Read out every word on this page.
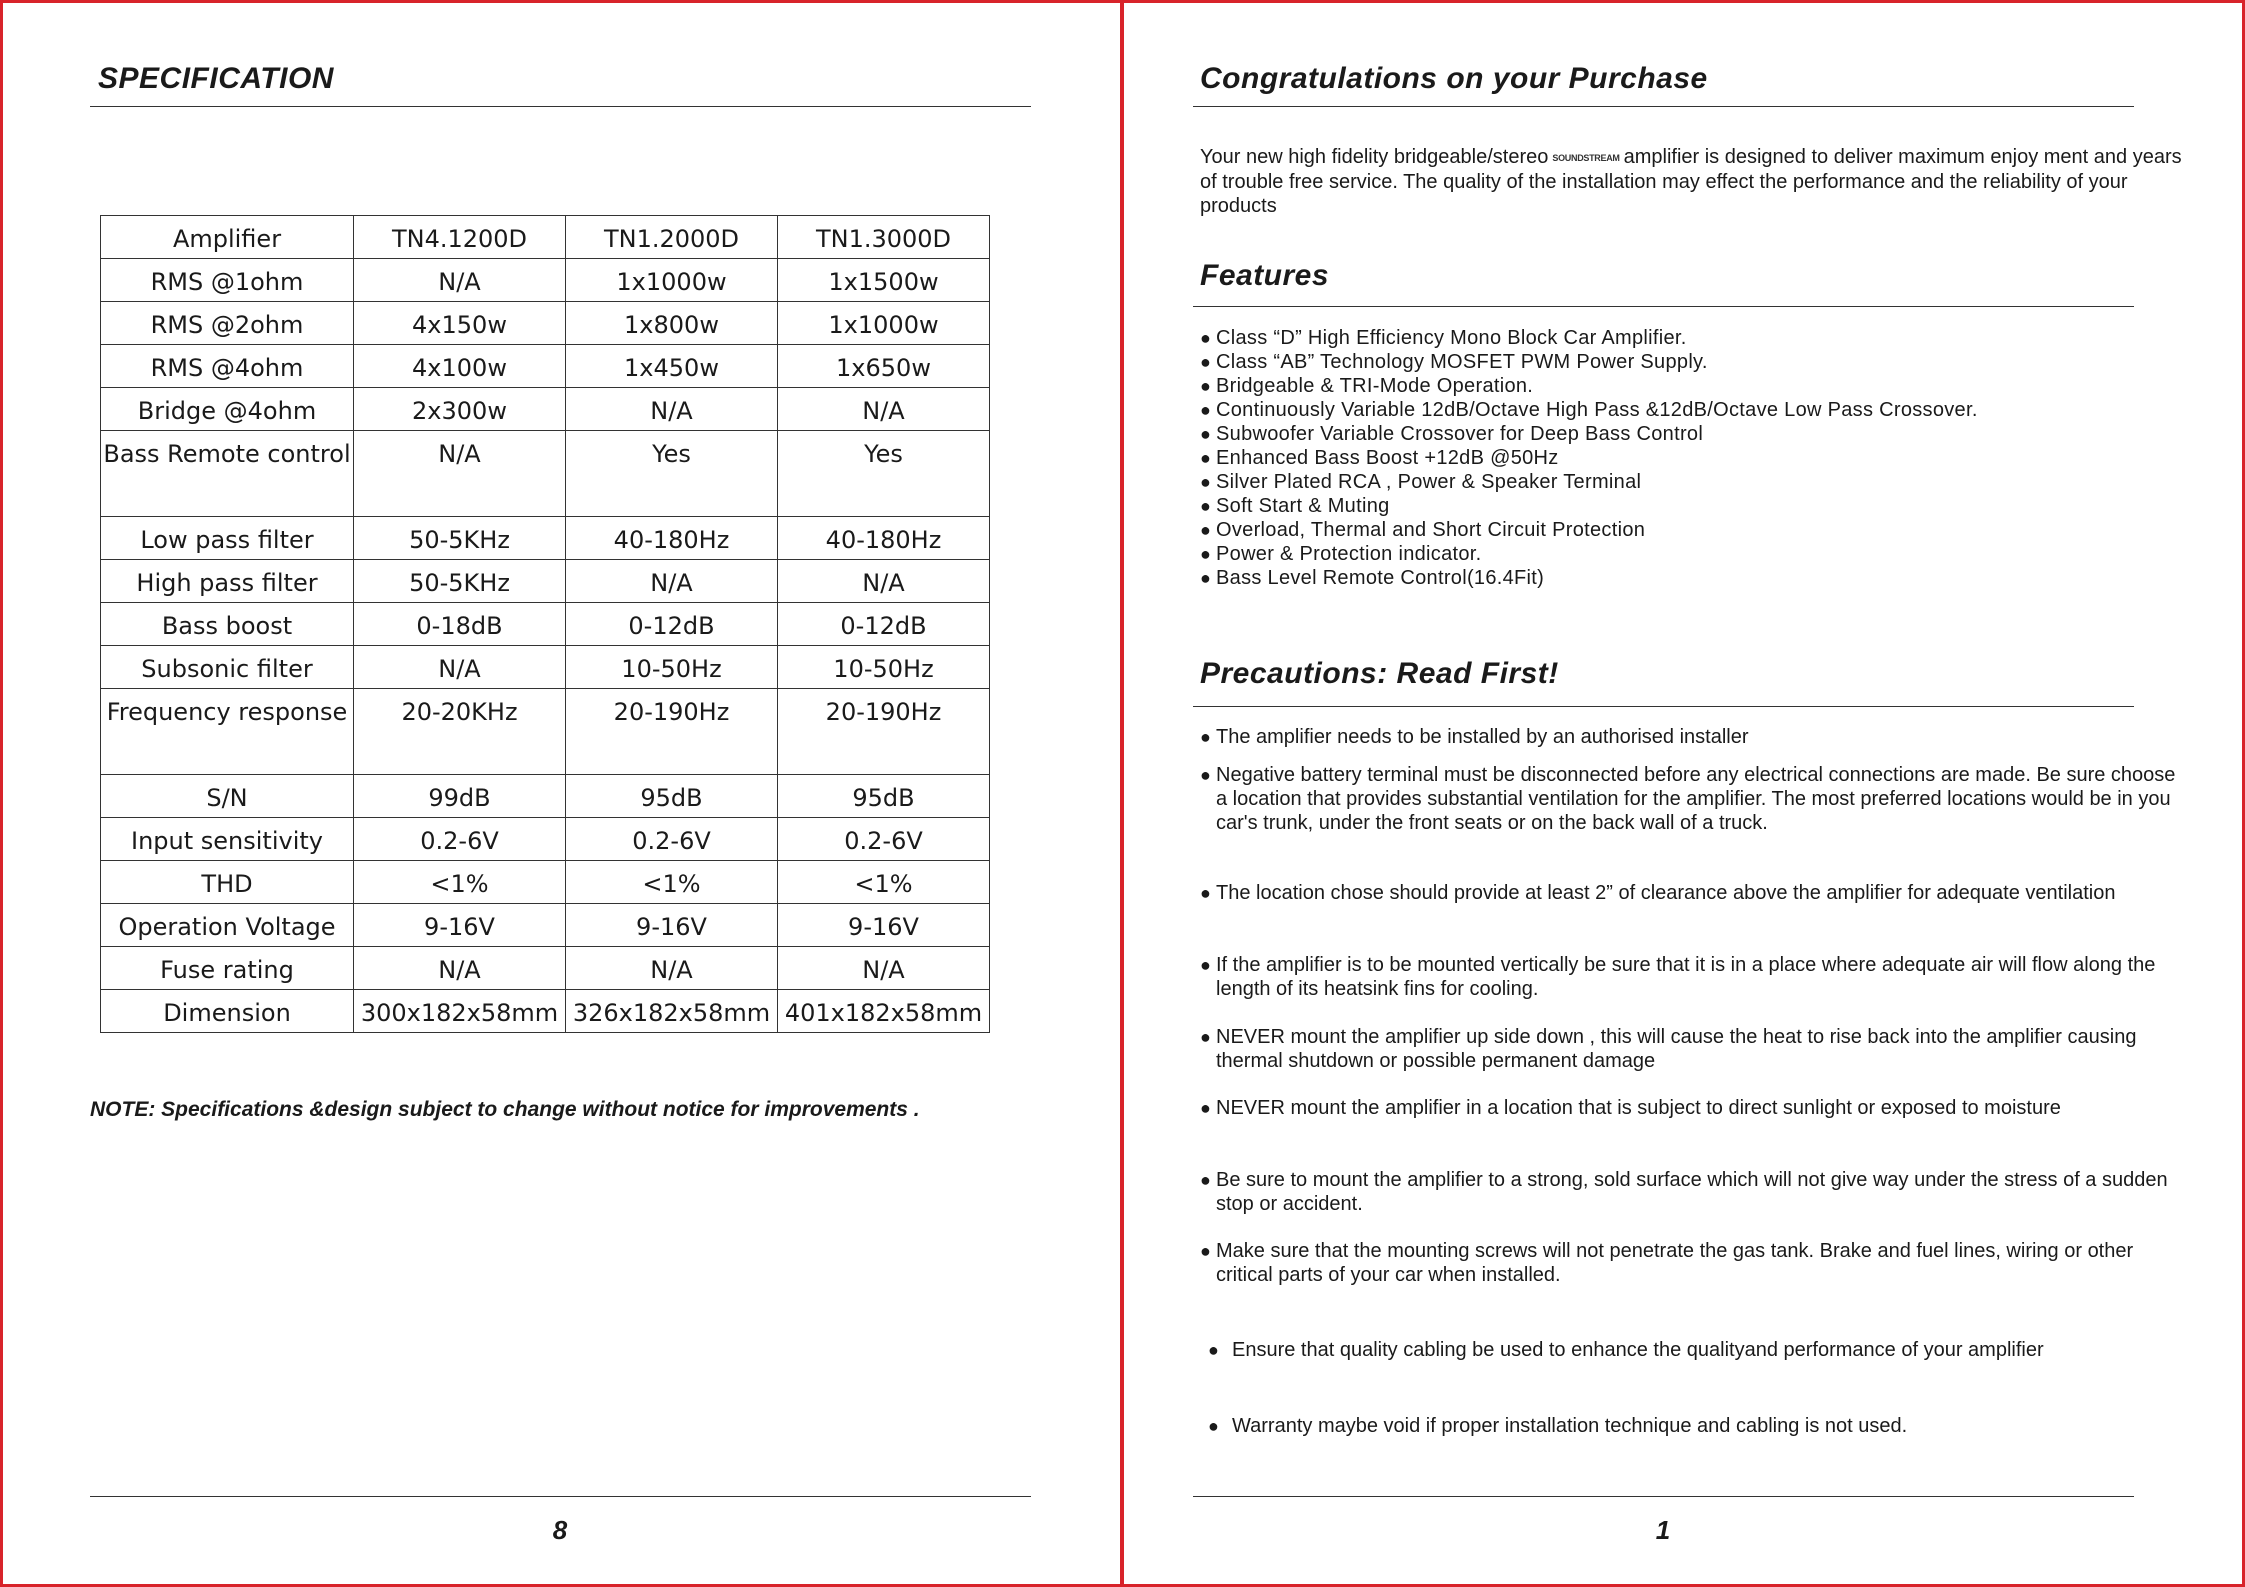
SPECIFICATION
Amplifier	TN4.1200D	TN1.2000D	TN1.3000D
RMS @1ohm	N/A	1x1000w	1x1500w
RMS @2ohm	4x150w	1x800w	1x1000w
RMS @4ohm	4x100w	1x450w	1x650w
Bridge @4ohm	2x300w	N/A	N/A
Bass Remote control	N/A	Yes	Yes
Low pass filter	50-5KHz	40-180Hz	40-180Hz
High pass filter	50-5KHz	N/A	N/A
Bass boost	0-18dB	0-12dB	0-12dB
Subsonic filter	N/A	10-50Hz	10-50Hz
Frequency response	20-20KHz	20-190Hz	20-190Hz
S/N	99dB	95dB	95dB
Input sensitivity	0.2-6V	0.2-6V	0.2-6V
THD	<1%	<1%	<1%
Operation Voltage	9-16V	9-16V	9-16V
Fuse rating	N/A	N/A	N/A
Dimension	300x182x58mm	326x182x58mm	401x182x58mm

NOTE: Specifications &design subject to change without notice for improvements .

8
Congratulations on your Purchase

Your new high fidelity bridgeable/stereo SOUNDSTREAM amplifier is designed to deliver maximum enjoy ment and years of trouble free service. The quality of the installation may effect the performance and the reliability of your products

Features
● Class “D” High Efficiency Mono Block Car Amplifier.
● Class “AB” Technology MOSFET PWM Power Supply.
● Bridgeable & TRI-Mode Operation.
● Continuously Variable 12dB/Octave High Pass &12dB/Octave Low Pass Crossover.
● Subwoofer Variable Crossover for Deep Bass Control
● Enhanced Bass Boost +12dB @50Hz
● Silver Plated RCA , Power & Speaker Terminal
● Soft Start & Muting
● Overload, Thermal and Short Circuit Protection
● Power & Protection indicator.
● Bass Level Remote Control(16.4Fit)
Precautions: Read First!
● The amplifier needs to be installed by an authorised installer
● Negative battery terminal must be disconnected before any electrical connections are made. Be sure choose a location that provides substantial ventilation for the amplifier. The most preferred locations would be in you car's trunk, under the front seats or on the back wall of a truck.
● The location chose should provide at least 2” of clearance above the amplifier for adequate ventilation
● If the amplifier is to be mounted vertically be sure that it is in a place where adequate air will flow along the length of its heatsink fins for cooling.
● NEVER mount the amplifier up side down , this will cause the heat to rise back into the amplifier causing thermal shutdown or possible permanent damage
● NEVER mount the amplifier in a location that is subject to direct sunlight or exposed to moisture
● Be sure to mount the amplifier to a strong, sold surface which will not give way under the stress of a sudden stop or accident.
● Make sure that the mounting screws will not penetrate the gas tank. Brake and fuel lines, wiring or other critical parts of your car when installed.
● Ensure that quality cabling be used to enhance the qualityand performance of your amplifier
● Warranty maybe void if proper installation technique and cabling is not used.
1
